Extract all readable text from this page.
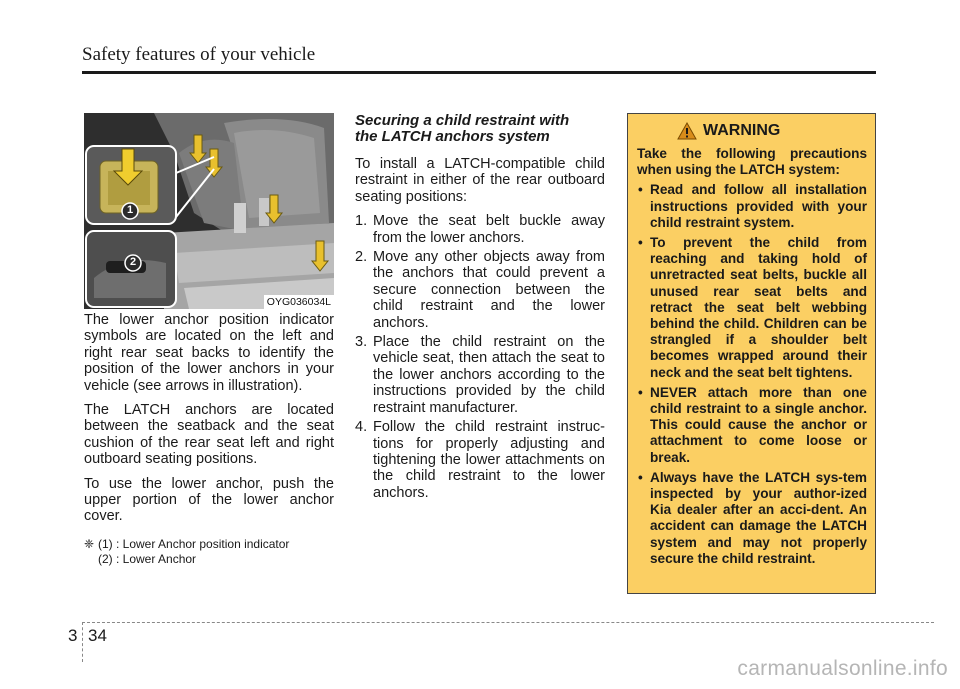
Safety features of your vehicle
1
2
OYG036034L

The lower anchor position indicator symbols are located on the left and right rear seat backs to identify the position of the lower anchors in your vehicle (see arrows in illustration).

The LATCH anchors are located between the seatback and the seat cushion of the rear seat left and right outboard seating positions.

To use the lower anchor, push the upper portion of the lower anchor cover.

❈ (1) : Lower Anchor position indicator
(2) : Lower Anchor
Securing a child restraint with
the LATCH anchors system

To install a LATCH-compatible child restraint in either of the rear outboard seating positions:

1. Move the seat belt buckle away from the lower anchors.
2. Move any other objects away from the anchors that could prevent a secure connection between the child restraint and the lower anchors.
3. Place the child restraint on the vehicle seat, then attach the seat to the lower anchors according to the instructions provided by the child restraint manufacturer.
4. Follow the child restraint instruc-tions for properly adjusting and tightening the lower attachments on the child restraint to the lower anchors.
WARNING

Take the following precautions when using the LATCH system:

• Read and follow all installation instructions provided with your child restraint system.
• To prevent the child from reaching and taking hold of unretracted seat belts, buckle all unused rear seat belts and retract the seat belt webbing behind the child. Children can be strangled if a shoulder belt becomes wrapped around their neck and the seat belt tightens.
• NEVER attach more than one child restraint to a single anchor. This could cause the anchor or attachment to come loose or break.
• Always have the LATCH sys-tem inspected by your author-ized Kia dealer after an acci-dent. An accident can damage the LATCH system and may not properly secure the child restraint.
3 34
carmanualsonline.info
